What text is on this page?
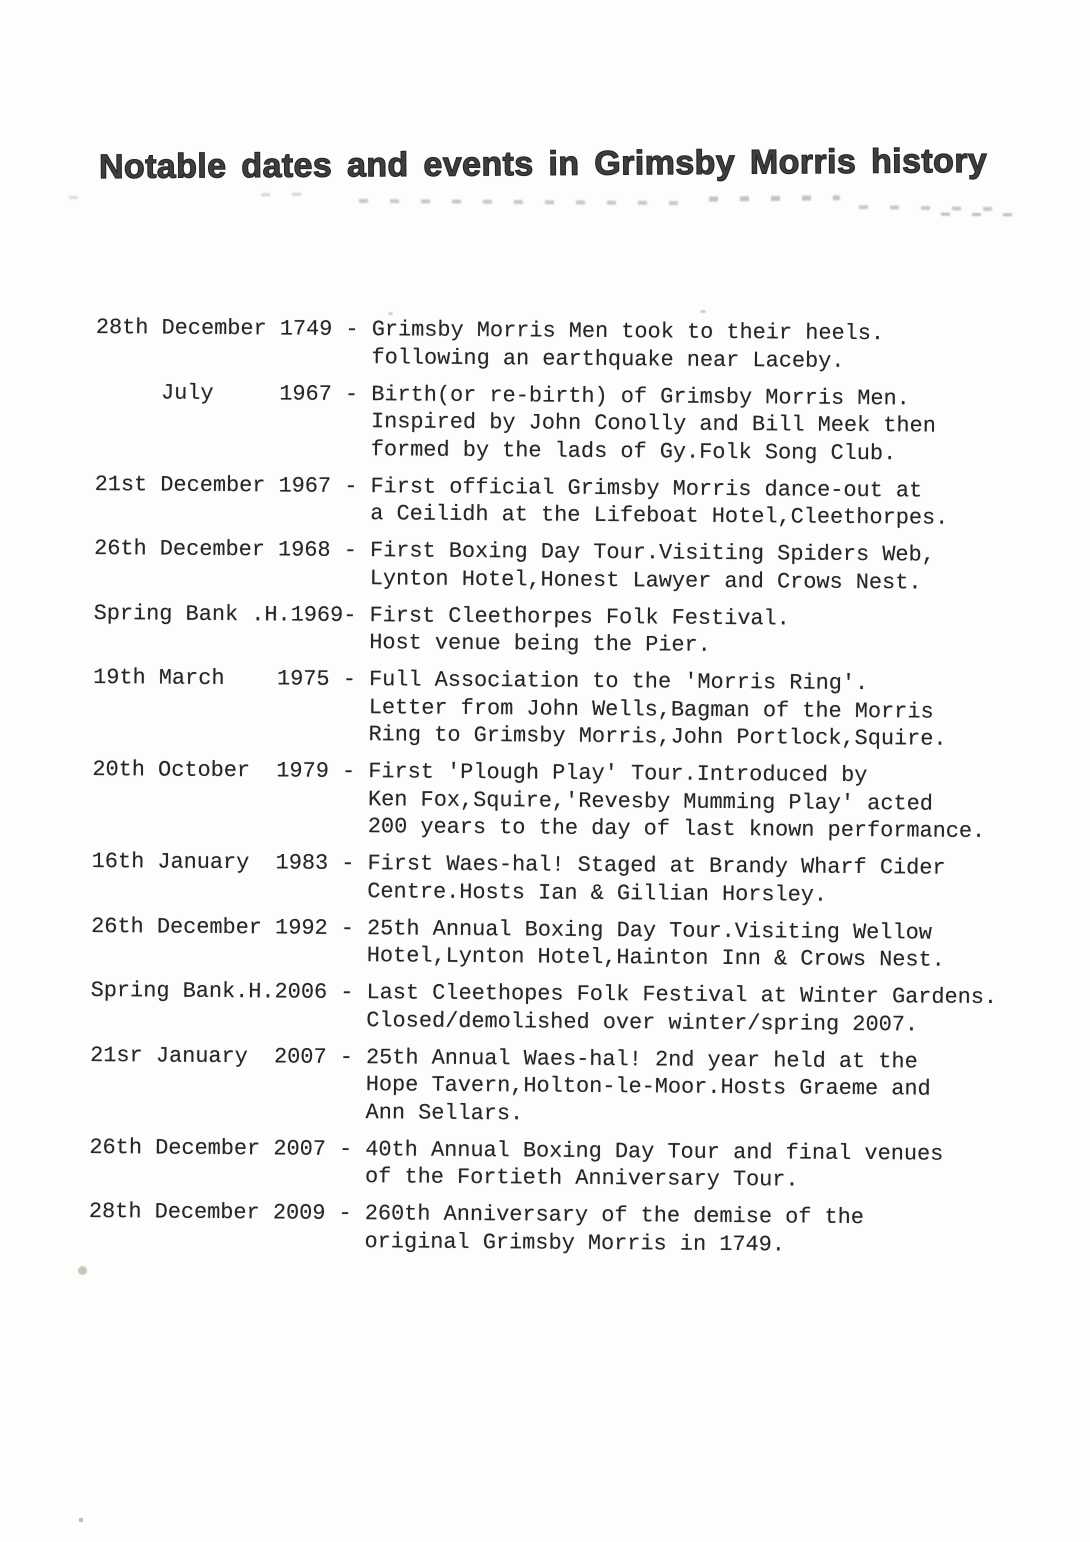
Notable dates and events in Grimsby Morris history
28th December 1749 - Grimsby Morris Men took to their heels.
following an earthquake near Laceby.
July     1967 - Birth(or re-birth) of Grimsby Morris Men.
Inspired by John Conolly and Bill Meek then
formed by the lads of Gy.Folk Song Club.
21st December 1967 - First official Grimsby Morris dance-out at
a Ceilidh at the Lifeboat Hotel,Cleethorpes.
26th December 1968 - First Boxing Day Tour.Visiting Spiders Web,
Lynton Hotel,Honest Lawyer and Crows Nest.
Spring Bank .H.1969 - First Cleethorpes Folk Festival.
Host venue being the Pier.
19th March    1975 - Full Association to the 'Morris Ring'.
Letter from John Wells,Bagman of the Morris
Ring to Grimsby Morris,John Portlock,Squire.
20th October  1979 - First 'Plough Play' Tour.Introduced by
Ken Fox,Squire,'Revesby Mumming Play' acted
200 years to the day of last known performance.
16th January  1983 - First Waes-hal! Staged at Brandy Wharf Cider
Centre.Hosts Ian & Gillian Horsley.
26th December 1992 - 25th Annual Boxing Day Tour.Visiting Wellow
Hotel,Lynton Hotel,Hainton Inn & Crows Nest.
Spring Bank.H.2006 - Last Cleethopes Folk Festival at Winter Gardens.
Closed/demolished over winter/spring 2007.
21sr January  2007 - 25th Annual Waes-hal! 2nd year held at the
Hope Tavern,Holton-le-Moor.Hosts Graeme and
Ann Sellars.
26th December 2007 - 40th Annual Boxing Day Tour and final venues
of the Fortieth Anniversary Tour.
28th December 2009 - 260th Anniversary of the demise of the
original Grimsby Morris in 1749.
